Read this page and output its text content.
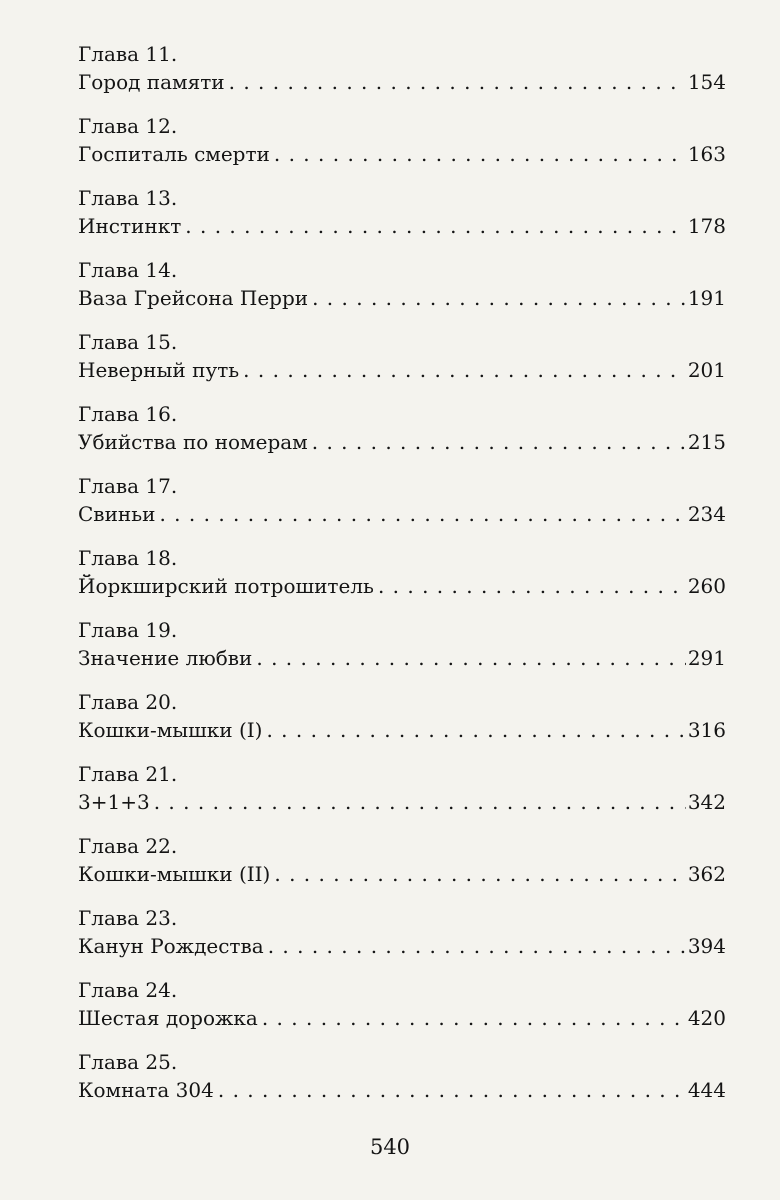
Глава 11.
Город памяти . . .	154
Глава 12.
Госпиталь смерти . . .	163
Глава 13.
Инстинкт . . .	178
Глава 14.
Ваза Грейсона Перри . . .	191
Глава 15.
Неверный путь . . .	201
Глава 16.
Убийства по номерам . . .	215
Глава 17.
Свиньи . . .	234
Глава 18.
Йоркширский потрошитель . . .	260
Глава 19.
Значение любви . . .	291
Глава 20.
Кошки-мышки (I) . . .	316
Глава 21.
3+1+3 . . .	342
Глава 22.
Кошки-мышки (II) . . .	362
Глава 23.
Канун Рождества . . .	394
Глава 24.
Шестая дорожка . . .	420
Глава 25.
Комната 304 . . .	444
540
